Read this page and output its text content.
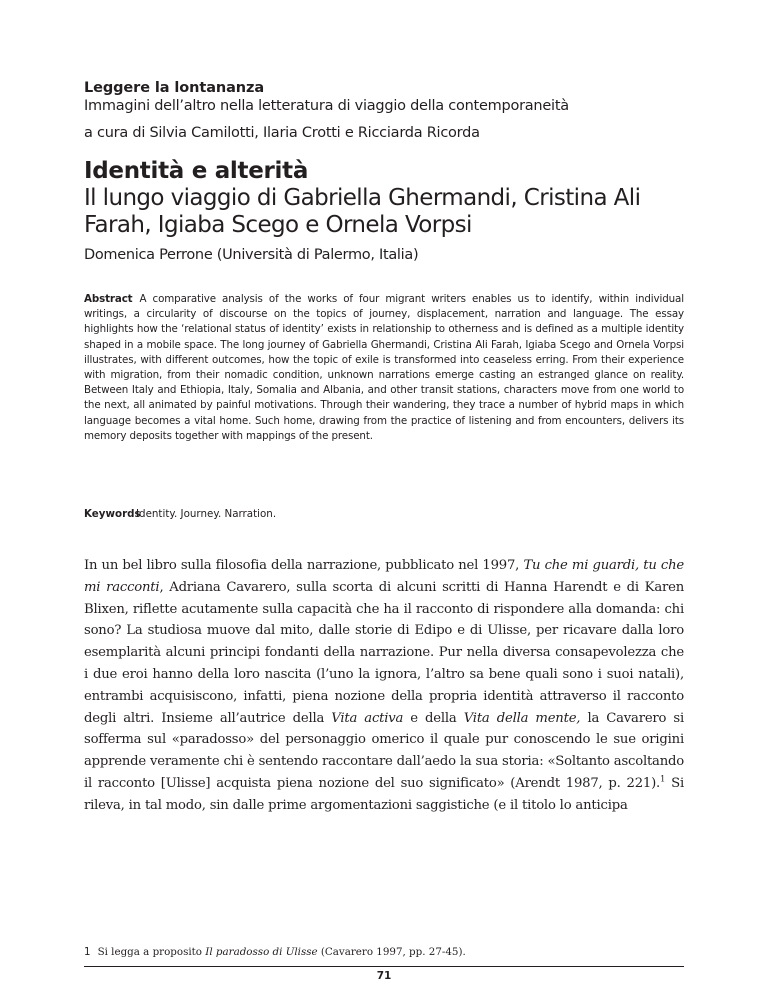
Leggere la lontananza
Immagini dell’altro nella letteratura di viaggio della contemporaneità
a cura di Silvia Camilotti, Ilaria Crotti e Ricciarda Ricorda
Identità e alterità
Il lungo viaggio di Gabriella Ghermandi, Cristina Ali Farah, Igiaba Scego e Ornela Vorpsi
Domenica Perrone (Università di Palermo, Italia)
Abstract A comparative analysis of the works of four migrant writers enables us to identify, within individual writings, a circularity of discourse on the topics of journey, displacement, narration and language. The essay highlights how the ‘relational status of identity’ exists in relationship to otherness and is defined as a multiple identity shaped in a mobile space. The long journey of Gabriella Ghermandi, Cristina Ali Farah, Igiaba Scego and Ornela Vorpsi illustrates, with different outcomes, how the topic of exile is transformed into ceaseless erring. From their experience with migration, from their nomadic condition, unknown narrations emerge casting an estranged glance on reality. Between Italy and Ethiopia, Italy, Somalia and Albania, and other transit stations, characters move from one world to the next, all animated by painful motivations. Through their wandering, they trace a number of hybrid maps in which language becomes a vital home. Such home, drawing from the practice of listening and from encounters, delivers its memory deposits together with mappings of the present.
KeywordsIdentity. Journey. Narration.
In un bel libro sulla filosofia della narrazione, pubblicato nel 1997, Tu che mi guardi, tu che mi racconti, Adriana Cavarero, sulla scorta di alcuni scritti di Hanna Harendt e di Karen Blixen, riflette acutamente sulla capacità che ha il racconto di rispondere alla domanda: chi sono? La studiosa muove dal mito, dalle storie di Edipo e di Ulisse, per ricavare dalla loro esemplarità alcuni principi fondanti della narrazione. Pur nella diversa consapevolezza che i due eroi hanno della loro nascita (l’uno la ignora, l’altro sa bene quali sono i suoi natali), entrambi acquisiscono, infatti, piena nozione della propria identità attraverso il racconto degli altri. Insieme all’autrice della Vita activa e della Vita della mente, la Cavarero si sofferma sul «paradosso» del personaggio omerico il quale pur conoscendo le sue origini apprende veramente chi è sentendo raccontare dall’aedo la sua storia: «Soltanto ascoltando il racconto [Ulisse] acquista piena nozione del suo significato» (Arendt 1987, p. 221).$^1$ Si rileva, in tal modo, sin dalle prime argomentazioni saggistiche (e il titolo lo anticipa
1 Si legga a proposito Il paradosso di Ulisse (Cavarero 1997, pp. 27-45).
71
